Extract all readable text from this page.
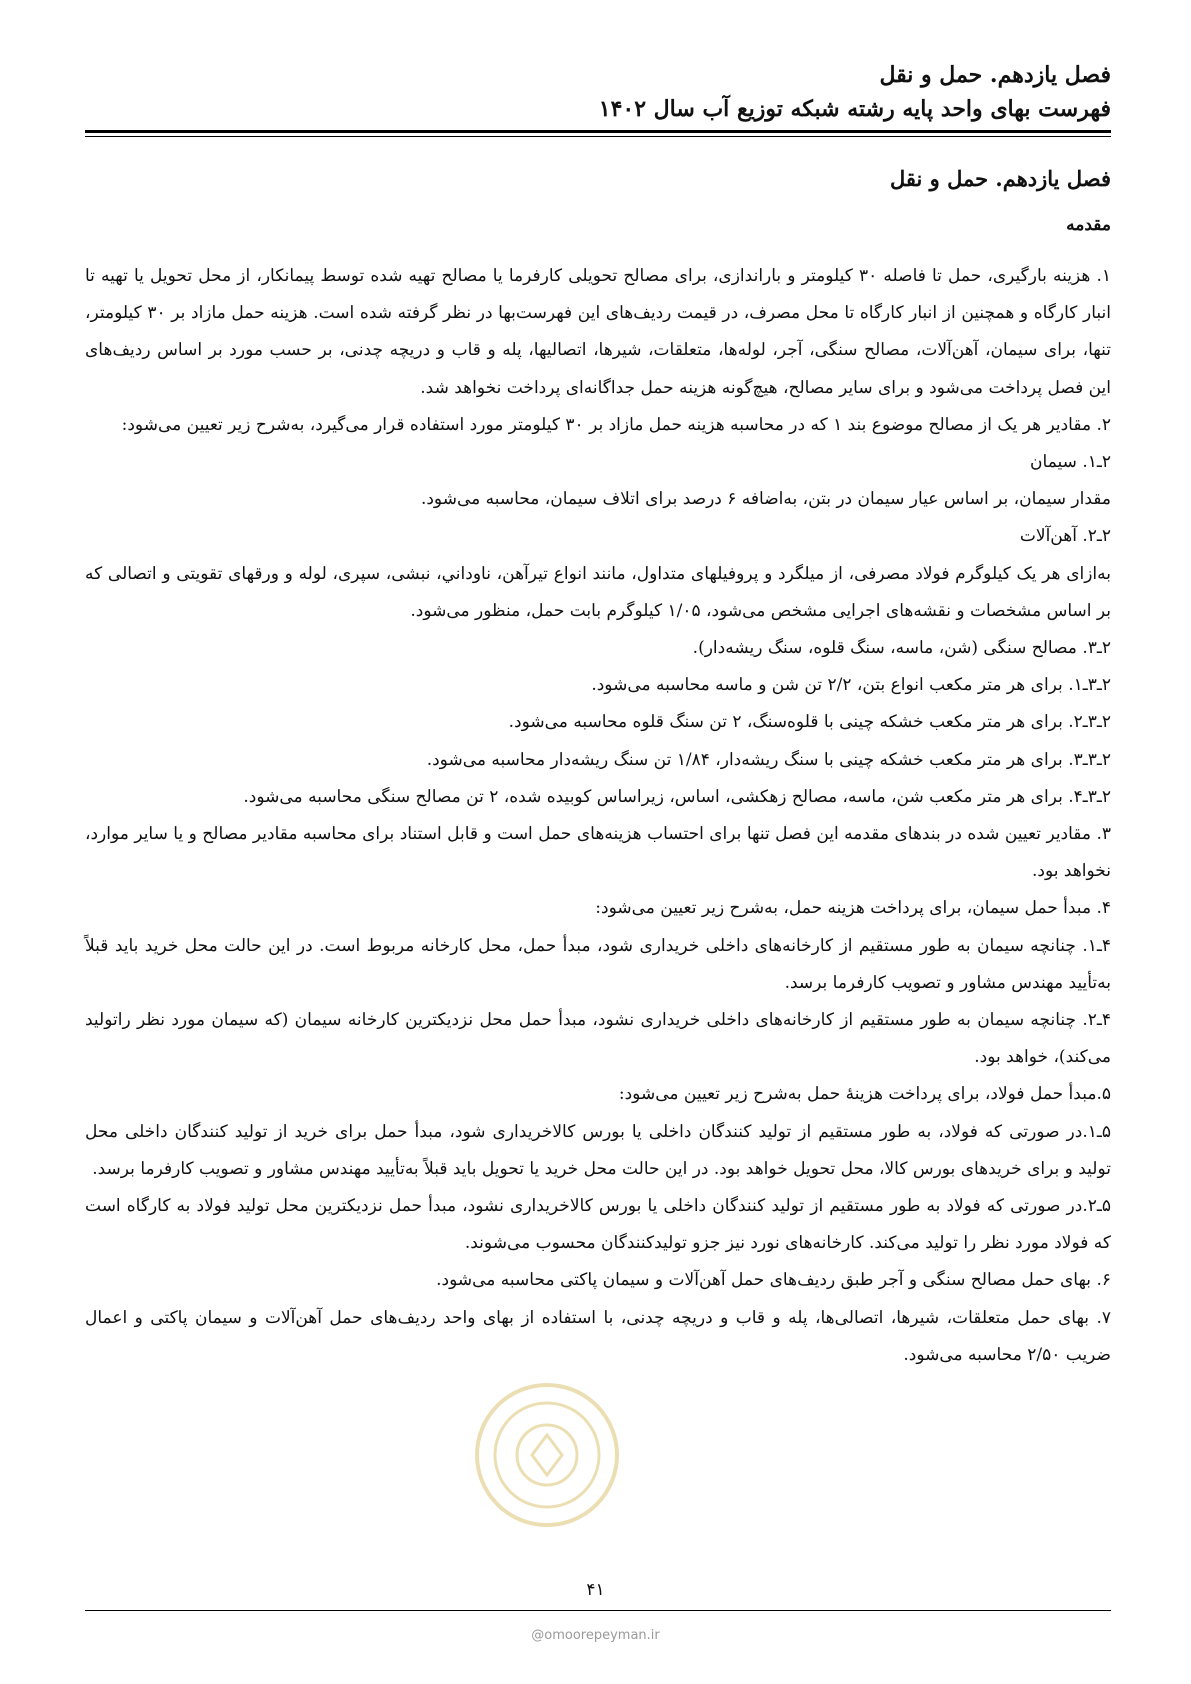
فصل یازدهم. حمل و نقل
فهرست بهای واحد پایه رشته شبکه توزیع آب سال ۱۴۰۲
فصل یازدهم. حمل و نقل
مقدمه

۱. هزینه بارگیری، حمل تا فاصله ۳۰ کیلومتر و باراندازی، برای مصالح تحویلی کارفرما یا مصالح تهیه شده توسط پیمانکار، از محل تحویل یا تهیه تا انبار کارگاه و همچنین از انبار کارگاه تا محل مصرف، در قیمت ردیف‌های این فهرست‌بها در نظر گرفته شده است. هزینه حمل مازاد بر ۳۰ کیلومتر، تنها، برای سیمان، آهن‌آلات، مصالح سنگی، آجر، لوله‌ها، متعلقات، شیرها، اتصالیها، پله و قاب و دریچه چدنی، بر حسب مورد بر اساس ردیف‌های این فصل پرداخت می‌شود و برای سایر مصالح، هیچ‌گونه هزینه حمل جداگانه‌ای پرداخت نخواهد شد.

۲. مقادیر هر یک از مصالح موضوع بند ۱ که در محاسبه هزینه حمل مازاد بر ۳۰ کیلومتر مورد استفاده قرار می‌گیرد، به‌شرح زیر تعیین می‌شود:

۲ـ۱. سیمان

مقدار سیمان، بر اساس عیار سیمان در بتن، به‌اضافه ۶ درصد برای اتلاف سیمان، محاسبه می‌شود.

۲ـ۲. آهن‌آلات

به‌ازای هر یک کیلوگرم فولاد مصرفی، از میلگرد و پروفیلهای متداول، مانند انواع تیرآهن، ناوداني، نبشی، سپری، لوله و ورقهای تقویتی و اتصالی که بر اساس مشخصات و نقشه‌های اجرایی مشخص می‌شود، ۱/۰۵ کیلوگرم بابت حمل، منظور می‌شود.

۲ـ۳. مصالح سنگی (شن، ماسه، سنگ قلوه، سنگ ریشه‌دار).

۲ـ۳ـ۱. برای هر متر مکعب انواع بتن، ۲/۲ تن شن و ماسه محاسبه می‌شود.

۲ـ۳ـ۲. برای هر متر مکعب خشکه چینی با قلوه‌سنگ، ۲ تن سنگ قلوه محاسبه می‌شود.

۲ـ۳ـ۳. برای هر متر مکعب خشکه چینی با سنگ ریشه‌دار، ۱/۸۴ تن سنگ ریشه‌دار محاسبه می‌شود.

۲ـ۳ـ۴. برای هر متر مکعب شن، ماسه، مصالح زهکشی، اساس، زیراساس کوبیده شده، ۲ تن مصالح سنگی محاسبه می‌شود.

۳. مقادیر تعیین شده در بندهای مقدمه این فصل تنها برای احتساب هزینه‌های حمل است و قابل استناد برای محاسبه مقادیر مصالح و یا سایر موارد، نخواهد بود.

۴. مبدأ حمل سیمان، برای پرداخت هزینه حمل، به‌شرح زیر تعیین می‌شود:

۴ـ۱. چنانچه سیمان به طور مستقیم از کارخانه‌های داخلی خریداری شود، مبدأ حمل، محل کارخانه مربوط است. در این حالت محل خرید باید قبلاً به‌تأیید مهندس مشاور و تصویب کارفرما برسد.

۴ـ۲. چنانچه سیمان به طور مستقیم از کارخانه‌های داخلی خریداری نشود، مبدأ حمل محل نزدیکترین کارخانه سیمان (که سیمان مورد نظر راتولید می‌کند)، خواهد بود.

۵.مبدأ حمل فولاد، برای پرداخت هزینۀ حمل به‌شرح زیر تعیین می‌شود:

۵ـ۱.در صورتی که فولاد، به طور مستقیم از تولید کنندگان داخلی یا بورس کالاخریداری شود، مبدأ حمل برای خرید از تولید کنندگان داخلی محل تولید و برای خریدهای بورس کالا، محل تحویل خواهد بود. در این حالت محل خرید یا تحویل باید قبلاً به‌تأیید مهندس مشاور و تصویب کارفرما برسد.

۵ـ۲.در صورتی که فولاد به طور مستقیم از تولید کنندگان داخلی یا بورس کالاخریداری نشود، مبدأ حمل نزدیکترین محل تولید فولاد به کارگاه است که فولاد مورد نظر را تولید می‌کند. کارخانه‌های نورد نیز جزو تولیدکنندگان محسوب می‌شوند.

۶. بهای حمل مصالح سنگی و آجر طبق ردیف‌های حمل آهن‌آلات و سیمان پاکتی محاسبه می‌شود.

۷. بهای حمل متعلقات، شیرها، اتصالی‌ها، پله و قاب و دریچه چدنی، با استفاده از بهای واحد ردیف‌های حمل آهن‌آلات و سیمان پاکتی و اعمال ضریب ۲/۵۰ محاسبه می‌شود.

۴۱
@omoorepeyman.ir
